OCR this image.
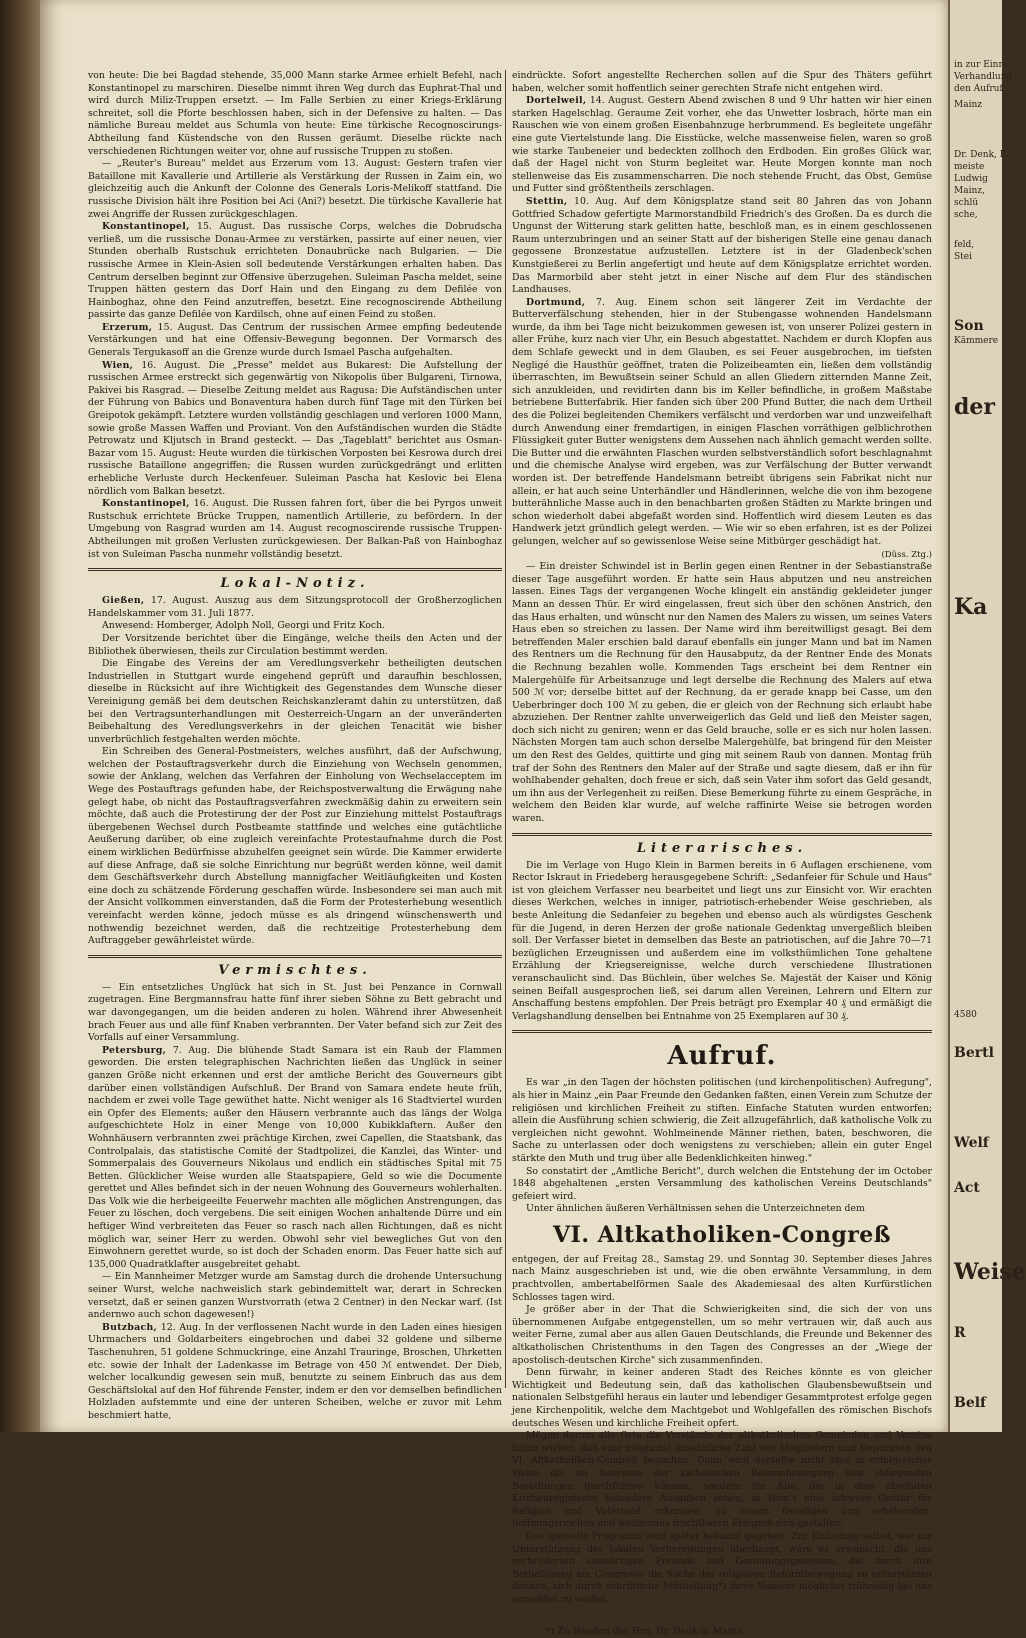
von heute: Die bei Bagdad stehende, 35,000 Mann starke Armee erhielt Befehl, nach Konstantinopel zu marschiren. Dieselbe nimmt ihren Weg durch das Euphrat-Thal und wird durch Miliz-Truppen ersetzt. — Im Falle Serbien zu einer Kriegs-Erklärung schreitet, soll die Pforte beschlossen haben, sich in der Defensive zu halten. — Das nämliche Bureau meldet aus Schumla von heute: Eine türkische Recognoscirungs-Abtheilung fand Küstendsche von den Russen geräumt. Dieselbe rückte nach verschiedenen Richtungen weiter vor, ohne auf russische Truppen zu stoßen.

— „Reuter's Bureau" meldet aus Erzerum vom 13. August: Gestern trafen vier Bataillone mit Kavallerie und Artillerie als Verstärkung der Russen in Zaim ein, wo gleichzeitig auch die Ankunft der Colonne des Generals Loris-Melikoff stattfand. Die russische Division hält ihre Position bei Aci (Ani?) besetzt. Die türkische Kavallerie hat zwei Angriffe der Russen zurückgeschlagen.

Konstantinopel, 15. August. Das russische Corps, welches die Dobrudscha verließ, um die russische Donau-Armee zu verstärken, passirte auf einer neuen, vier Stunden oberhalb Rustschuk errichteten Donaubrücke nach Bulgarien. — Die russische Armee in Klein-Asien soll bedeutende Verstärkungen erhalten haben. Das Centrum derselben beginnt zur Offensive überzugehen. Suleiman Pascha meldet, seine Truppen hätten gestern das Dorf Hain und den Eingang zu dem Defilée von Hainboghaz, ohne den Feind anzutreffen, besetzt. Eine recognoscirende Abtheilung passirte das ganze Defilée von Kardilsch, ohne auf einen Feind zu stoßen.

Erzerum, 15. August. Das Centrum der russischen Armee empfing bedeutende Verstärkungen und hat eine Offensiv-Bewegung begonnen. Der Vormarsch des Generals Tergukasoff an die Grenze wurde durch Ismael Pascha aufgehalten.

Wien, 16. August. Die „Presse" meldet aus Bukarest: Die Aufstellung der russischen Armee erstreckt sich gegenwärtig von Nikopolis über Bulgareni, Tirnowa, Pakivei bis Rasgrad. — Dieselbe Zeitung meldet aus Ragusa: Die Aufständischen unter der Führung von Babics und Bonaventura haben durch fünf Tage mit den Türken bei Greipotok gekämpft. Letztere wurden vollständig geschlagen und verloren 1000 Mann, sowie große Massen Waffen und Proviant. Von den Aufständischen wurden die Städte Petrowatz und Kljutsch in Brand gesteckt. — Das „Tageblatt" berichtet aus Osman-Bazar vom 15. August: Heute wurden die türkischen Vorposten bei Kesrowa durch drei russische Bataillone angegriffen; die Russen wurden zurückgedrängt und erlitten erhebliche Verluste durch Heckenfeuer. Suleiman Pascha hat Keslovic bei Elena nördlich vom Balkan besetzt.

Konstantinopel, 16. August. Die Russen fahren fort, über die bei Pyrgos unweit Rustschuk errichtete Brücke Truppen, namentlich Artillerie, zu befördern. In der Umgebung von Rasgrad wurden am 14. August recognoscirende russische Truppen-Abtheilungen mit großen Verlusten zurückgewiesen. Der Balkan-Paß von Hainboghaz ist von Suleiman Pascha nunmehr vollständig besetzt.

Lokal-Notiz.

Gießen, 17. August. Auszug aus dem Sitzungsprotocoll der Großherzoglichen Handelskammer vom 31. Juli 1877.

Anwesend: Homberger, Adolph Noll, Georgi und Fritz Koch.

Der Vorsitzende berichtet über die Eingänge, welche theils den Acten und der Bibliothek überwiesen, theils zur Circulation bestimmt werden.

Die Eingabe des Vereins der am Veredlungsverkehr betheiligten deutschen Industriellen in Stuttgart wurde eingehend geprüft und daraufhin beschlossen, dieselbe in Rücksicht auf ihre Wichtigkeit des Gegenstandes dem Wunsche dieser Vereinigung gemäß bei dem deutschen Reichskanzleramt dahin zu unterstützen, daß bei den Vertragsunterhandlungen mit Oesterreich-Ungarn an der unveränderten Beibehaltung des Veredlungsverkehrs in der gleichen Tenacität wie bisher unverbrüchlich festgehalten werden möchte.

Ein Schreiben des General-Postmeisters, welches ausführt, daß der Aufschwung, welchen der Postauftragsverkehr durch die Einziehung von Wechseln genommen, sowie der Anklang, welchen das Verfahren der Einholung von Wechselacceptem im Wege des Postauftrags gefunden habe, der Reichspostverwaltung die Erwägung nahe gelegt habe, ob nicht das Postauftragsverfahren zweckmäßig dahin zu erweitern sein möchte, daß auch die Protestirung der der Post zur Einziehung mittelst Postauftrags übergebenen Wechsel durch Postbeamte stattfinde und welches eine gutächtliche Aeußerung darüber, ob eine zugleich vereinfachte Protestaufnahme durch die Post einem wirklichen Bedürfnisse abzuhelfen geeignet sein würde. Die Kammer erwiderte auf diese Anfrage, daß sie solche Einrichtung nur begrüßt werden könne, weil damit dem Geschäftsverkehr durch Abstellung mannigfacher Weitläufigkeiten und Kosten eine doch zu schätzende Förderung geschaffen würde. Insbesondere sei man auch mit der Ansicht vollkommen einverstanden, daß die Form der Protesterhebung wesentlich vereinfacht werden könne, jedoch müsse es als dringend wünschenswerth und nothwendig bezeichnet werden, daß die rechtzeitige Protesterhebung dem Auftraggeber gewährleistet würde.

Vermischtes.

— Ein entsetzliches Unglück hat sich in St. Just bei Penzance in Cornwall zugetragen. Eine Bergmannsfrau hatte fünf ihrer sieben Söhne zu Bett gebracht und war davongegangen, um die beiden anderen zu holen. Während ihrer Abwesenheit brach Feuer aus und alle fünf Knaben verbrannten. Der Vater befand sich zur Zeit des Vorfalls auf einer Versammlung.

Petersburg, 7. Aug. Die blühende Stadt Samara ist ein Raub der Flammen geworden. Die ersten telegraphischen Nachrichten ließen das Unglück in seiner ganzen Größe nicht erkennen und erst der amtliche Bericht des Gouverneurs gibt darüber einen vollständigen Aufschluß. Der Brand von Samara endete heute früh, nachdem er zwei volle Tage gewüthet hatte. Nicht weniger als 16 Stadtviertel wurden ein Opfer des Elements; außer den Häusern verbrannte auch das längs der Wolga aufgeschichtete Holz in einer Menge von 10,000 Kubikklaftern. Außer den Wohnhäusern verbrannten zwei prächtige Kirchen, zwei Capellen, die Staatsbank, das Controlpalais, das statistische Comité der Stadtpolizei, die Kanzlei, das Winter- und Sommerpalais des Gouverneurs Nikolaus und endlich ein städtisches Spital mit 75 Betten. Glücklicher Weise wurden alle Staatspapiere, Geld so wie die Documente gerettet und Alles befindet sich in der neuen Wohnung des Gouverneurs wohlerhalten. Das Volk wie die herbeigeeilte Feuerwehr machten alle möglichen Anstrengungen, das Feuer zu löschen, doch vergebens. Die seit einigen Wochen anhaltende Dürre und ein heftiger Wind verbreiteten das Feuer so rasch nach allen Richtungen, daß es nicht möglich war, seiner Herr zu werden. Obwohl sehr viel bewegliches Gut von den Einwohnern gerettet wurde, so ist doch der Schaden enorm. Das Feuer hatte sich auf 135,000 Quadratklafter ausgebreitet gehabt.

— Ein Mannheimer Metzger wurde am Samstag durch die drohende Untersuchung seiner Wurst, welche nachweislich stark gebindemittelt war, derart in Schrecken versetzt, daß er seinen ganzen Wurstvorrath (etwa 2 Centner) in den Neckar warf. (Ist andernwo auch schon dagewesen!)

Butzbach, 12. Aug. In der verflossenen Nacht wurde in den Laden eines hiesigen Uhrmachers und Goldarbeiters eingebrochen und dabei 32 goldene und silberne Taschenuhren, 51 goldene Schmuckringe, eine Anzahl Trauringe, Broschen, Uhrketten etc. sowie der Inhalt der Ladenkasse im Betrage von 450 ℳ entwendet. Der Dieb, welcher localkundig gewesen sein muß, benutzte zu seinem Einbruch das aus dem Geschäftslokal auf den Hof führende Fenster, indem er den vor demselben befindlichen Holzladen aufstemmte und eine der unteren Scheiben, welche er zuvor mit Lehm beschmiert hatte,

eindrückte. Sofort angestellte Recherchen sollen auf die Spur des Thäters geführt haben, welcher somit hoffentlich seiner gerechten Strafe nicht entgehen wird.

Dortelweil, 14. August. Gestern Abend zwischen 8 und 9 Uhr hatten wir hier einen starken Hagelschlag. Geraume Zeit vorher, ehe das Unwetter losbrach, hörte man ein Rauschen wie von einem großen Eisenbahnzuge herbrummend. Es begleitete ungefähr eine gute Viertelstunde lang. Die Eisstücke, welche massenweise fielen, waren so groß wie starke Taubeneier und bedeckten zollhoch den Erdboden. Ein großes Glück war, daß der Hagel nicht von Sturm begleitet war. Heute Morgen konnte man noch stellenweise das Eis zusammenscharren. Die noch stehende Frucht, das Obst, Gemüse und Futter sind größtentheils zerschlagen.

Stettin, 10. Aug. Auf dem Königsplatze stand seit 80 Jahren das von Johann Gottfried Schadow gefertigte Marmorstandbild Friedrich's des Großen. Da es durch die Ungunst der Witterung stark gelitten hatte, beschloß man, es in einem geschlossenen Raum unterzubringen und an seiner Statt auf der bisherigen Stelle eine genau danach gegossene Bronzestatue aufzustellen. Letztere ist in der Gladenbeck'schen Kunstgießerei zu Berlin angefertigt und heute auf dem Königsplatze errichtet worden. Das Marmorbild aber steht jetzt in einer Nische auf dem Flur des ständischen Landhauses.

Dortmund, 7. Aug. Einem schon seit längerer Zeit im Verdachte der Butterverfälschung stehenden, hier in der Stubengasse wohnenden Handelsmann wurde, da ihm bei Tage nicht beizukommen gewesen ist, von unserer Polizei gestern in aller Frühe, kurz nach vier Uhr, ein Besuch abgestattet. Nachdem er durch Klopfen aus dem Schlafe geweckt und in dem Glauben, es sei Feuer ausgebrochen, im tiefsten Negligé die Hausthür geöffnet, traten die Polizeibeamten ein, ließen dem vollständig überraschten, im Bewußtsein seiner Schuld an allen Gliedern zitternden Manne Zeit, sich anzukleiden, und revidirten dann bis im Keller befindliche, in großem Maßstabe betriebene Butterfabrik. Hier fanden sich über 200 Pfund Butter, die nach dem Urtheil des die Polizei begleitenden Chemikers verfälscht und verdorben war und unzweifelhaft durch Anwendung einer fremdartigen, in einigen Flaschen vorräthigen gelblichrothen Flüssigkeit guter Butter wenigstens dem Aussehen nach ähnlich gemacht werden sollte. Die Butter und die erwähnten Flaschen wurden selbstverständlich sofort beschlagnahmt und die chemische Analyse wird ergeben, was zur Verfälschung der Butter verwandt worden ist. Der betreffende Handelsmann betreibt übrigens sein Fabrikat nicht nur allein, er hat auch seine Unterhändler und Händlerinnen, welche die von ihm bezogene butterähnliche Masse auch in den benachbarten großen Städten zu Markte bringen und schon wiederholt dabei abgefaßt worden sind. Hoffentlich wird diesem Leuten es das Handwerk jetzt gründlich gelegt werden. — Wie wir so eben erfahren, ist es der Polizei gelungen, welcher auf so gewissenlose Weise seine Mitbürger geschädigt hat.

(Düss. Ztg.)

— Ein dreister Schwindel ist in Berlin gegen einen Rentner in der Sebastianstraße dieser Tage ausgeführt worden. Er hatte sein Haus abputzen und neu anstreichen lassen. Eines Tags der vergangenen Woche klingelt ein anständig gekleideter junger Mann an dessen Thür. Er wird eingelassen, freut sich über den schönen Anstrich, den das Haus erhalten, und wünscht nur den Namen des Malers zu wissen, um seines Vaters Haus eben so streichen zu lassen. Der Name wird ihm bereitwilligst gesagt. Bei dem betreffenden Maler erschien bald darauf ebenfalls ein junger Mann und bat im Namen des Rentners um die Rechnung für den Hausabputz, da der Rentner Ende des Monats die Rechnung bezahlen wolle. Kommenden Tags erscheint bei dem Rentner ein Malergehülfe für Arbeitsanzuge und legt derselbe die Rechnung des Malers auf etwa 500 ℳ vor; derselbe bittet auf der Rechnung, da er gerade knapp bei Casse, um den Ueberbringer doch 100 ℳ zu geben, die er gleich von der Rechnung sich erlaubt habe abzuziehen. Der Rentner zahlte unverweigerlich das Geld und ließ den Meister sagen, doch sich nicht zu geniren; wenn er das Geld brauche, solle er es sich nur holen lassen. Nächsten Morgen tam auch schon derselbe Malergehülfe, bat bringend für den Meister um den Rest des Geldes, quittirte und ging mit seinem Raub von dannen. Montag früh traf der Sohn des Rentners den Maler auf der Straße und sagte diesem, daß er ihn für wohlhabender gehalten, doch freue er sich, daß sein Vater ihm sofort das Geld gesandt, um ihn aus der Verlegenheit zu reißen. Diese Bemerkung führte zu einem Gespräche, in welchem den Beiden klar wurde, auf welche raffinirte Weise sie betrogen worden waren.

Literarisches.

Die im Verlage von Hugo Klein in Barmen bereits in 6 Auflagen erschienene, vom Rector Iskraut in Friedeberg herausgegebene Schrift: „Sedanfeier für Schule und Haus" ist von gleichem Verfasser neu bearbeitet und liegt uns zur Einsicht vor. Wir erachten dieses Werkchen, welches in inniger, patriotisch-erhebender Weise geschrieben, als beste Anleitung die Sedanfeier zu begehen und ebenso auch als würdigstes Geschenk für die Jugend, in deren Herzen der große nationale Gedenktag unvergeßlich bleiben soll. Der Verfasser bietet in demselben das Beste an patriotischen, auf die Jahre 70—71 bezüglichen Erzeugnissen und außerdem eine im volksthümlichen Tone gehaltene Erzählung der Kriegsereignisse, welche durch verschiedene Illustrationen veranschaulicht sind. Das Büchlein, über welches Se. Majestät der Kaiser und König seinen Beifall ausgesprochen ließ, sei darum allen Vereinen, Lehrern und Eltern zur Anschaffung bestens empfohlen. Der Preis beträgt pro Exemplar 40 ₰ und ermäßigt die Verlagshandlung denselben bei Entnahme von 25 Exemplaren auf 30 ₰.

Aufruf.

Es war „in den Tagen der höchsten politischen (und kirchenpolitischen) Aufregung", als hier in Mainz „ein Paar Freunde den Gedanken faßten, einen Verein zum Schutze der religiösen und kirchlichen Freiheit zu stiften. Einfache Statuten wurden entworfen; allein die Ausführung schien schwierig, die Zeit allzugefährlich, daß katholische Volk zu vergleichen nicht gewohnt. Wohlmeinende Männer riethen, baten, beschworen, die Sache zu unterlassen oder doch wenigstens zu verschieben; allein ein guter Engel stärkte den Muth und trug über alle Bedenklichkeiten hinweg."

So constatirt der „Amtliche Bericht", durch welchen die Entstehung der im October 1848 abgehaltenen „ersten Versammlung des katholischen Vereins Deutschlands" gefeiert wird.

Unter ähnlichen äußeren Verhältnissen sehen die Unterzeichneten dem

VI. Altkatholiken-Congreß

entgegen, der auf Freitag 28., Samstag 29. und Sonntag 30. September dieses Jahres nach Mainz ausgeschrieben ist und, wie die oben erwähnte Versammlung, in dem prachtvollen, ambertabelförmen Saale des Akademiesaal des alten Kurfürstlichen Schlosses tagen wird.

Je größer aber in der That die Schwierigkeiten sind, die sich der von uns übernommenen Aufgabe entgegenstellen, um so mehr vertrauen wir, daß auch aus weiter Ferne, zumal aber aus allen Gauen Deutschlands, die Freunde und Bekenner des altkatholischen Christenthums in den Tagen des Congresses an der „Wiege der apostolisch-deutschen Kirche" sich zusammenfinden.

Denn fürwahr, in keiner anderen Stadt des Reiches könnte es von gleicher Wichtigkeit und Bedeutung sein, daß das katholischen Glaubensbewußtsein und nationalen Selbstgefühl heraus ein lauter und lebendiger Gesammtprotest erfolge gegen jene Kirchenpolitik, welche dem Machtgebot und Wohlgefallen des römischen Bischofs deutsches Wesen und kirchliche Freiheit opfert.

Mögen darum alle Orte die Vorstände der altkatholischen Gemeinden und Vereine bahin wirken, daß eine möglichst ansehnliche Zahl von Mitgliedern und Deputirten den VI. Altkatholiken-Congreß besuchen. Dann wird derselbe nicht blos in erfolgreicher Weise die im Interesse der katholischen Reformbewegung ihm obliegenden Berathungen durchführen können, sondern für Alle, die in dem absoluten Kirchenregimente belondere Ausgaben sehen, in Rom's eine schwere Gefahr für Religion und Vaterland erkennen, zu einem freudigen und erhebenden, hoffnungsreichen und weithinaus fruchtbaren Ereigniß sich gestalten.

Das specielle Programm wird später bekannt gegeben. Zur Einladung selbst, wie zur Unterstützung der lokalen Vorbereitungen überhaupt, wäre es erwünscht, die uns verbrüderten auswärtigen Freunde und Gesinnungsgenossen, die durch ihre Betheiligung am Congresse die Sache der religiösen Reformbewegung zu unterstützen denken, sich durch schriftliche Mittheilung*) ihres Namens möglichst frühzeitig bei uns anmelden zu wollen.

*) Zu Handen des Hrn. Dr. Denk in Mainz.

in zur Einre
Verhandlung
den Aufruf
Mainz
Dr. Denk, R
meiste
Ludwig
Mainz,
schlü
sche,
feld,
Stei
Son
Kämmere
der
Ka
4580
Bertl
Welf
Act
Weise
R
Belf
